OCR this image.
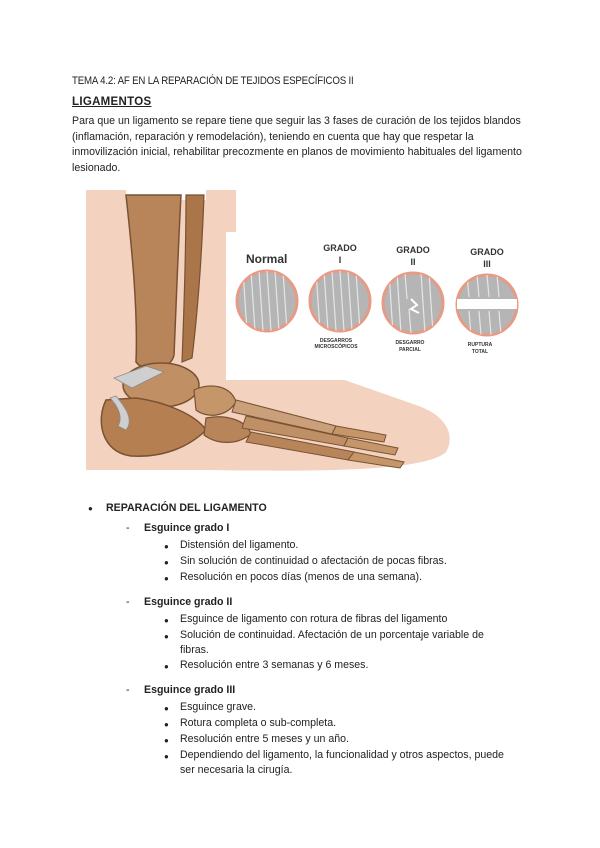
TEMA 4.2: AF EN LA REPARACIÓN DE TEJIDOS ESPECÍFICOS II
LIGAMENTOS
Para que un ligamento se repare tiene que seguir las 3 fases de curación de los tejidos blandos (inflamación, reparación y remodelación), teniendo en cuenta que hay que respetar la inmovilización inicial, rehabilitar precozmente en planos de movimiento habituales del ligamento lesionado.
Normal
GRADO
I
GRADO
II
GRADO
III
DESGARROS
MICROSCÓPICOS
DESGARRO
PARCIAL
RUPTURA
TOTAL
●	REPARACIÓN DEL LIGAMENTO
-	Esguince grado I
●	Distensión del ligamento.
●	Sin solución de continuidad o afectación de pocas fibras.
●	Resolución en pocos días (menos de una semana).
-	Esguince grado II
●	Esguince de ligamento con rotura de fibras del ligamento
●	Solución de continuidad. Afectación de un porcentaje variable de fibras.
●	Resolución entre 3 semanas y 6 meses.
-	Esguince grado III
●	Esguince grave.
●	Rotura completa o sub-completa.
●	Resolución entre 5 meses y un año.
●	Dependiendo del ligamento, la funcionalidad y otros aspectos, puede ser necesaria la cirugía.
